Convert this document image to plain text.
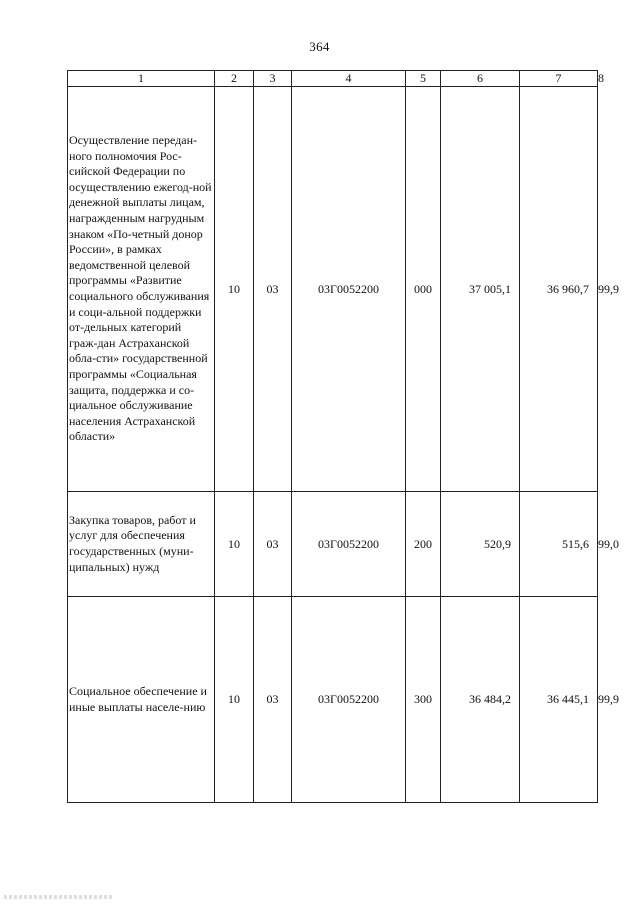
364
1	2	3	4	5	6	7	8
Осуществление передан-ного полномочия Рос-сийской Федерации по осуществлению ежегод-ной денежной выплаты лицам, награжденным нагрудным знаком «По-четный донор России», в рамках ведомственной целевой программы «Развитие социального обслуживания и соци-альной поддержки от-дельных категорий граж-дан Астраханской обла-сти» государственной программы «Социальная защита, поддержка и со-циальное обслуживание населения Астраханской области»	10	03	03Г0052200	000	37 005,1	36 960,7	99,9
Закупка товаров, работ и услуг для обеспечения государственных (муни-ципальных) нужд	10	03	03Г0052200	200	520,9	515,6	99,0
Социальное обеспечение и иные выплаты населе-нию	10	03	03Г0052200	300	36 484,2	36 445,1	99,9
